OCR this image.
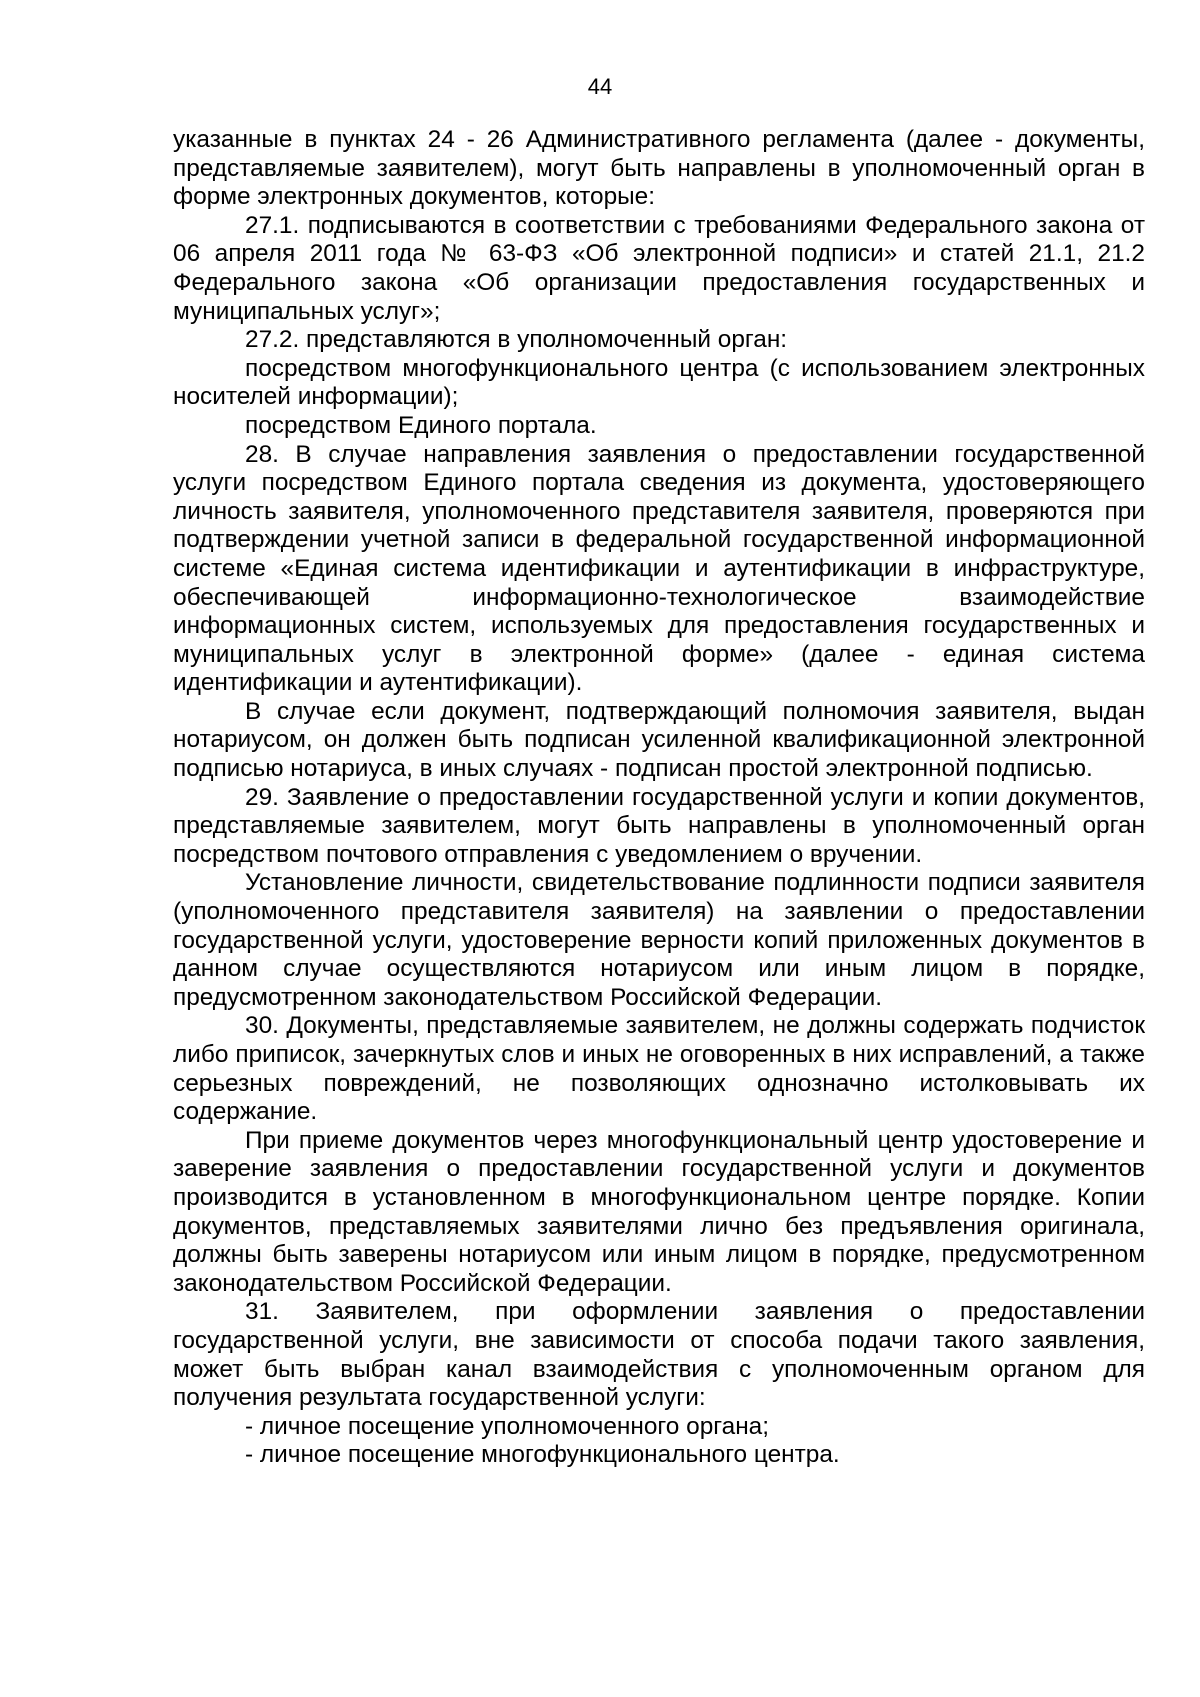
44

указанные в пунктах 24 - 26 Административного регламента (далее - документы, представляемые заявителем), могут быть направлены в уполномоченный орган в форме электронных документов, которые:

27.1. подписываются в соответствии с требованиями Федерального закона от 06 апреля 2011 года № 63-ФЗ «Об электронной подписи» и статей 21.1, 21.2 Федерального закона «Об организации предоставления государственных и муниципальных услуг»;

27.2. представляются в уполномоченный орган:

посредством многофункционального центра (с использованием электронных носителей информации);

посредством Единого портала.

28. В случае направления заявления о предоставлении государственной услуги посредством Единого портала сведения из документа, удостоверяющего личность заявителя, уполномоченного представителя заявителя, проверяются при подтверждении учетной записи в федеральной государственной информационной системе «Единая система идентификации и аутентификации в инфраструктуре, обеспечивающей информационно-технологическое взаимодействие информационных систем, используемых для предоставления государственных и муниципальных услуг в электронной форме» (далее - единая система идентификации и аутентификации).

В случае если документ, подтверждающий полномочия заявителя, выдан нотариусом, он должен быть подписан усиленной квалификационной электронной подписью нотариуса, в иных случаях - подписан простой электронной подписью.

29. Заявление о предоставлении государственной услуги и копии документов, представляемые заявителем, могут быть направлены в уполномоченный орган посредством почтового отправления с уведомлением о вручении.

Установление личности, свидетельствование подлинности подписи заявителя (уполномоченного представителя заявителя) на заявлении о предоставлении государственной услуги, удостоверение верности копий приложенных документов в данном случае осуществляются нотариусом или иным лицом в порядке, предусмотренном законодательством Российской Федерации.

30. Документы, представляемые заявителем, не должны содержать подчисток либо приписок, зачеркнутых слов и иных не оговоренных в них исправлений, а также серьезных повреждений, не позволяющих однозначно истолковывать их содержание.

При приеме документов через многофункциональный центр удостоверение и заверение заявления о предоставлении государственной услуги и документов производится в установленном в многофункциональном центре порядке. Копии документов, представляемых заявителями лично без предъявления оригинала, должны быть заверены нотариусом или иным лицом в порядке, предусмотренном законодательством Российской Федерации.

31. Заявителем, при оформлении заявления о предоставлении государственной услуги, вне зависимости от способа подачи такого заявления, может быть выбран канал взаимодействия с уполномоченным органом для получения результата государственной услуги:

- личное посещение уполномоченного органа;

- личное посещение многофункционального центра.
